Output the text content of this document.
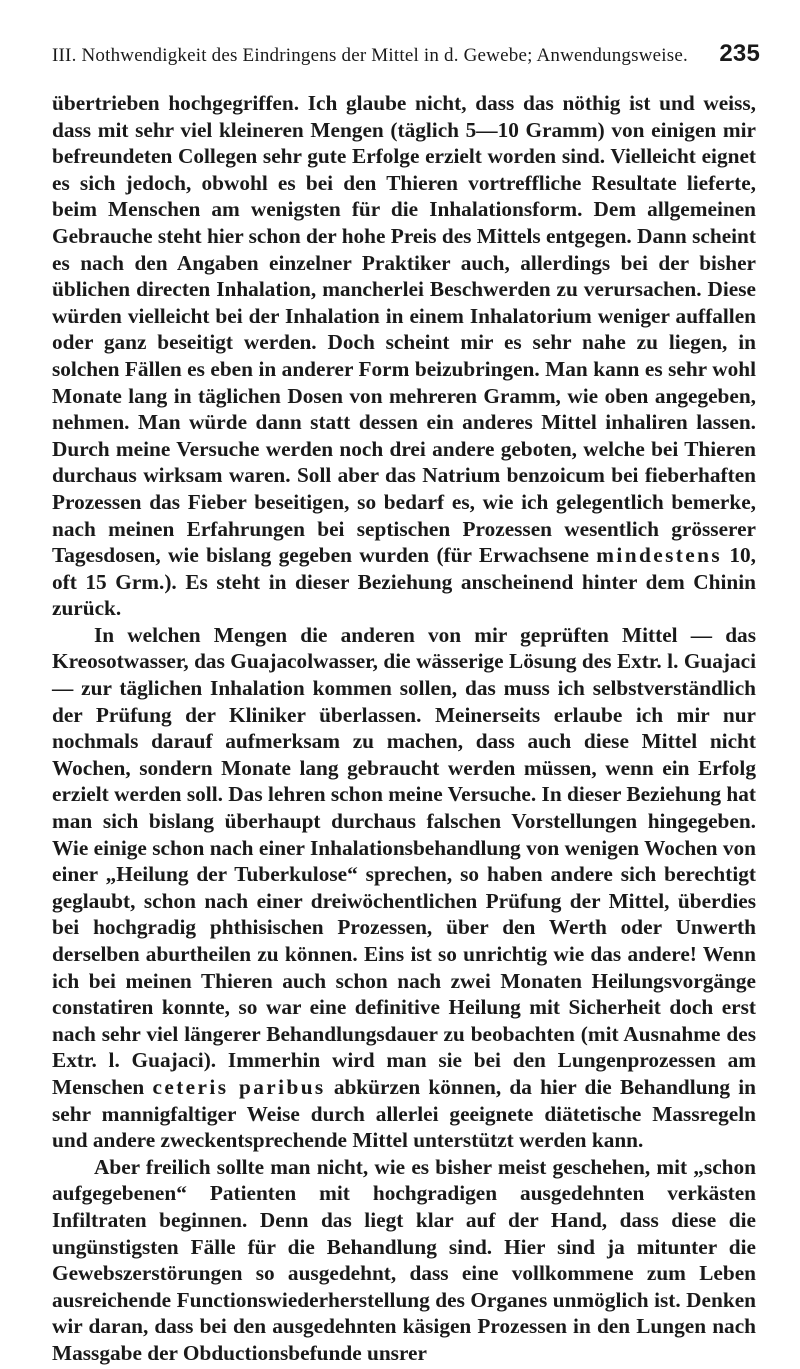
III. Nothwendigkeit des Eindringens der Mittel in d. Gewebe; Anwendungsweise. 235

übertrieben hochgegriffen. Ich glaube nicht, dass das nöthig ist und weiss, dass mit sehr viel kleineren Mengen (täglich 5—10 Gramm) von einigen mir befreundeten Collegen sehr gute Erfolge erzielt worden sind. Vielleicht eignet es sich jedoch, obwohl es bei den Thieren vortreffliche Resultate lieferte, beim Menschen am wenigsten für die Inhalationsform. Dem allgemeinen Gebrauche steht hier schon der hohe Preis des Mittels entgegen. Dann scheint es nach den Angaben einzelner Praktiker auch, allerdings bei der bisher üblichen directen Inhalation, mancherlei Beschwerden zu verursachen. Diese würden vielleicht bei der Inhalation in einem Inhalatorium weniger auffallen oder ganz beseitigt werden. Doch scheint mir es sehr nahe zu liegen, in solchen Fällen es eben in anderer Form beizubringen. Man kann es sehr wohl Monate lang in täglichen Dosen von mehreren Gramm, wie oben angegeben, nehmen. Man würde dann statt dessen ein anderes Mittel inhaliren lassen. Durch meine Versuche werden noch drei andere geboten, welche bei Thieren durchaus wirksam waren. Soll aber das Natrium benzoicum bei fieberhaften Prozessen das Fieber beseitigen, so bedarf es, wie ich gelegentlich bemerke, nach meinen Erfahrungen bei septischen Prozessen wesentlich grösserer Tagesdosen, wie bislang gegeben wurden (für Erwachsene mindestens 10, oft 15 Grm.). Es steht in dieser Beziehung anscheinend hinter dem Chinin zurück.

In welchen Mengen die anderen von mir geprüften Mittel — das Kreosotwasser, das Guajacolwasser, die wässerige Lösung des Extr. l. Guajaci — zur täglichen Inhalation kommen sollen, das muss ich selbstverständlich der Prüfung der Kliniker überlassen. Meinerseits erlaube ich mir nur nochmals darauf aufmerksam zu machen, dass auch diese Mittel nicht Wochen, sondern Monate lang gebraucht werden müssen, wenn ein Erfolg erzielt werden soll. Das lehren schon meine Versuche. In dieser Beziehung hat man sich bislang überhaupt durchaus falschen Vorstellungen hingegeben. Wie einige schon nach einer Inhalationsbehandlung von wenigen Wochen von einer „Heilung der Tuberkulose“ sprechen, so haben andere sich berechtigt geglaubt, schon nach einer dreiwöchentlichen Prüfung der Mittel, überdies bei hochgradig phthisischen Prozessen, über den Werth oder Unwerth derselben aburtheilen zu können. Eins ist so unrichtig wie das andere! Wenn ich bei meinen Thieren auch schon nach zwei Monaten Heilungsvorgänge constatiren konnte, so war eine definitive Heilung mit Sicherheit doch erst nach sehr viel längerer Behandlungsdauer zu beobachten (mit Ausnahme des Extr. l. Guajaci). Immerhin wird man sie bei den Lungenprozessen am Menschen ceteris paribus abkürzen können, da hier die Behandlung in sehr mannigfaltiger Weise durch allerlei geeignete diätetische Massregeln und andere zweckentsprechende Mittel unterstützt werden kann.

Aber freilich sollte man nicht, wie es bisher meist geschehen, mit „schon aufgegebenen“ Patienten mit hochgradigen ausgedehnten verkästen Infiltraten beginnen. Denn das liegt klar auf der Hand, dass diese die ungünstigsten Fälle für die Behandlung sind. Hier sind ja mitunter die Gewebszerstörungen so ausgedehnt, dass eine vollkommene zum Leben ausreichende Functionswiederherstellung des Organes unmöglich ist. Denken wir daran, dass bei den ausgedehnten käsigen Prozessen in den Lungen nach Massgabe der Obductionsbefunde unsrer
